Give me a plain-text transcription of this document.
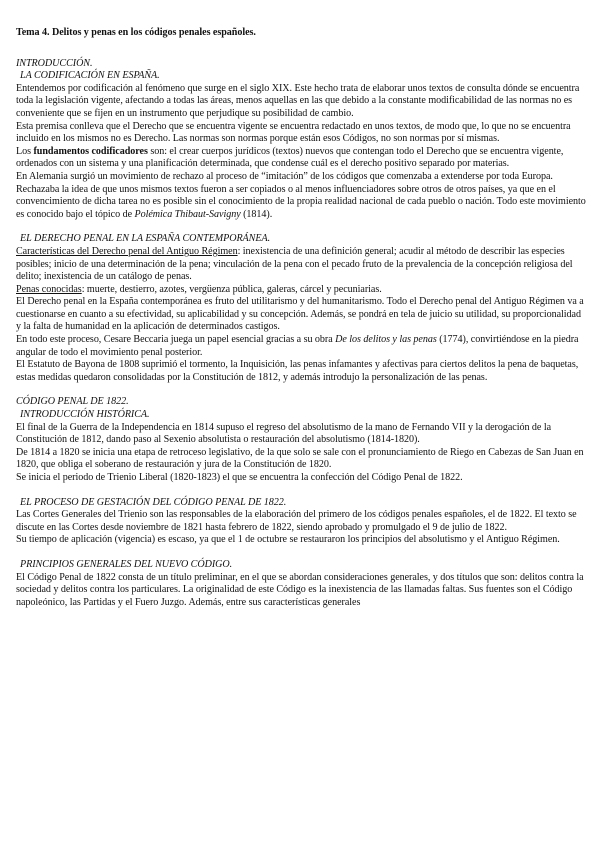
Tema 4. Delitos y penas en los códigos penales españoles.

INTRODUCCIÓN.

LA CODIFICACIÓN EN ESPAÑA.

Entendemos por codificación al fenómeno que surge en el siglo XIX. Este hecho trata de elaborar unos textos de consulta dónde se encuentra toda la legislación vigente, afectando a todas las áreas, menos aquellas en las que debido a la constante modificabilidad de las normas no es conveniente que se fijen en un instrumento que perjudique su posibilidad de cambio.

Esta premisa conlleva que el Derecho que se encuentra vigente se encuentra redactado en unos textos, de modo que, lo que no se encuentra incluido en los mismos no es Derecho. Las normas son normas porque están esos Códigos, no son normas por sí mismas.

Los fundamentos codificadores son: el crear cuerpos jurídicos (textos) nuevos que contengan todo el Derecho que se encuentra vigente, ordenados con un sistema y una planificación determinada, que condense cuál es el derecho positivo separado por materias.

En Alemania surgió un movimiento de rechazo al proceso de “imitación” de los códigos que comenzaba a extenderse por toda Europa. Rechazaba la idea de que unos mismos textos fueron a ser copiados o al menos influenciadores sobre otros de otros países, ya que en el convencimiento de dicha tarea no es posible sin el conocimiento de la propia realidad nacional de cada pueblo o nación. Todo este movimiento es conocido bajo el tópico de Polémica Thibaut-Savigny (1814).

EL DERECHO PENAL EN LA ESPAÑA CONTEMPORÁNEA.

Características del Derecho penal del Antiguo Régimen: inexistencia de una definición general; acudir al método de describir las especies posibles; inicio de una determinación de la pena; vinculación de la pena con el pecado fruto de la prevalencia de la concepción religiosa del delito; inexistencia de un catálogo de penas.

Penas conocidas: muerte, destierro, azotes, vergüenza pública, galeras, cárcel y pecuniarias.

El Derecho penal en la España contemporánea es fruto del utilitarismo y del humanitarismo. Todo el Derecho penal del Antiguo Régimen va a cuestionarse en cuanto a su efectividad, su aplicabilidad y su concepción. Además, se pondrá en tela de juicio su utilidad, su proporcionalidad y la falta de humanidad en la aplicación de determinados castigos.

En todo este proceso, Cesare Beccaria juega un papel esencial gracias a su obra De los delitos y las penas (1774), convirtiéndose en la piedra angular de todo el movimiento penal posterior.

El Estatuto de Bayona de 1808 suprimió el tormento, la Inquisición, las penas infamantes y afectivas para ciertos delitos la pena de baquetas, estas medidas quedaron consolidadas por la Constitución de 1812, y además introdujo la personalización de las penas.

CÓDIGO PENAL DE 1822.

INTRODUCCIÓN HISTÓRICA.

El final de la Guerra de la Independencia en 1814 supuso el regreso del absolutismo de la mano de Fernando VII y la derogación de la Constitución de 1812, dando paso al Sexenio absolutista o restauración del absolutismo (1814-1820).

De 1814 a 1820 se inicia una etapa de retroceso legislativo, de la que solo se sale con el pronunciamiento de Riego en Cabezas de San Juan en 1820, que obliga el soberano de restauración y jura de la Constitución de 1820.

Se inicia el periodo de Trienio Liberal (1820-1823) el que se encuentra la confección del Código Penal de 1822.

EL PROCESO DE GESTACIÓN DEL CÓDIGO PENAL DE 1822.

Las Cortes Generales del Trienio son las responsables de la elaboración del primero de los códigos penales españoles, el de 1822. El texto se discute en las Cortes desde noviembre de 1821 hasta febrero de 1822, siendo aprobado y promulgado el 9 de julio de 1822.

Su tiempo de aplicación (vigencia) es escaso, ya que el 1 de octubre se restauraron los principios del absolutismo y el Antiguo Régimen.

PRINCIPIOS GENERALES DEL NUEVO CÓDIGO.

El Código Penal de 1822 consta de un título preliminar, en el que se abordan consideraciones generales, y dos títulos que son: delitos contra la sociedad y delitos contra los particulares. La originalidad de este Código es la inexistencia de las llamadas faltas. Sus fuentes son el Código napoleónico, las Partidas y el Fuero Juzgo. Además, entre sus características generales
